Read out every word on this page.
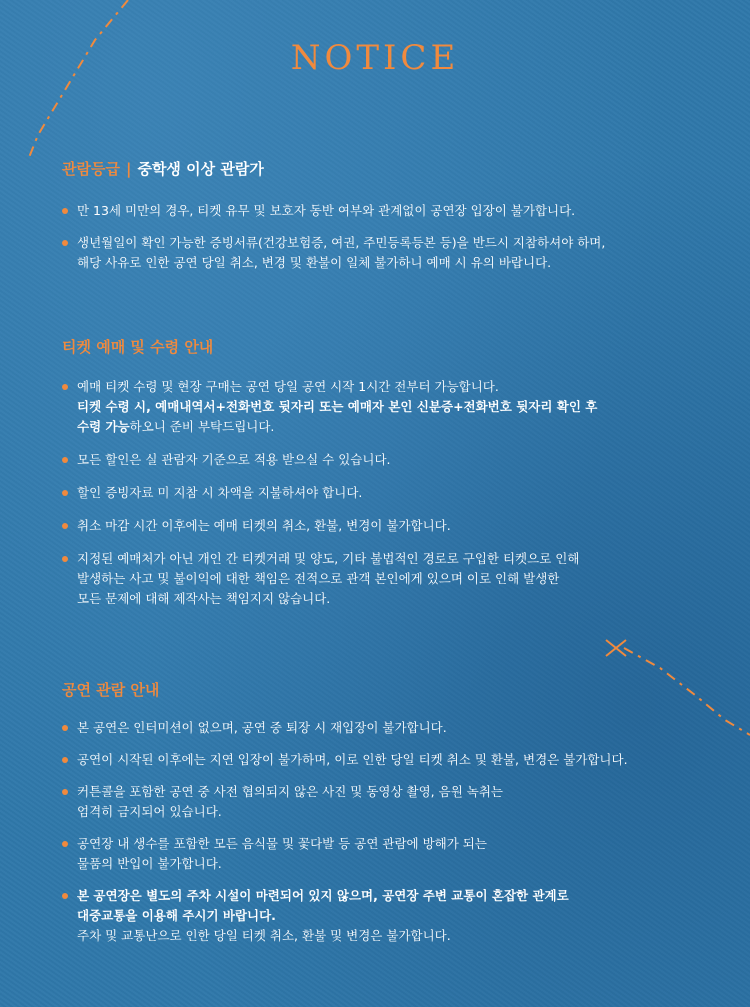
NOTICE
관람등급 | 중학생 이상 관람가
만 13세 미만의 경우, 티켓 유무 및 보호자 동반 여부와 관계없이 공연장 입장이 불가합니다.
생년월일이 확인 가능한 증빙서류(건강보험증, 여권, 주민등록등본 등)을 반드시 지참하셔야 하며,
해당 사유로 인한 공연 당일 취소, 변경 및 환불이 일체 불가하니 예매 시 유의 바랍니다.
티켓 예매 및 수령 안내
예매 티켓 수령 및 현장 구매는 공연 당일 공연 시작 1시간 전부터 가능합니다.
티켓 수령 시, 예매내역서+전화번호 뒷자리 또는 예매자 본인 신분증+전화번호 뒷자리 확인 후
수령 가능하오니 준비 부탁드립니다.
모든 할인은 실 관람자 기준으로 적용 받으실 수 있습니다.
할인 증빙자료 미 지참 시 차액을 지불하셔야 합니다.
취소 마감 시간 이후에는 예매 티켓의 취소, 환불, 변경이 불가합니다.
지정된 예매처가 아닌 개인 간 티켓거래 및 양도, 기타 불법적인 경로로 구입한 티켓으로 인해
발생하는 사고 및 불이익에 대한 책임은 전적으로 관객 본인에게 있으며 이로 인해 발생한
모든 문제에 대해 제작사는 책임지지 않습니다.
공연 관람 안내
본 공연은 인터미션이 없으며, 공연 중 퇴장 시 재입장이 불가합니다.
공연이 시작된 이후에는 지연 입장이 불가하며, 이로 인한 당일 티켓 취소 및 환불, 변경은 불가합니다.
커튼콜을 포함한 공연 중 사전 협의되지 않은 사진 및 동영상 촬영, 음원 녹취는
엄격히 금지되어 있습니다.
공연장 내 생수를 포함한 모든 음식물 및 꽃다발 등 공연 관람에 방해가 되는
물품의 반입이 불가합니다.
본 공연장은 별도의 주차 시설이 마련되어 있지 않으며, 공연장 주변 교통이 혼잡한 관계로
대중교통을 이용해 주시기 바랍니다.
주차 및 교통난으로 인한 당일 티켓 취소, 환불 및 변경은 불가합니다.
